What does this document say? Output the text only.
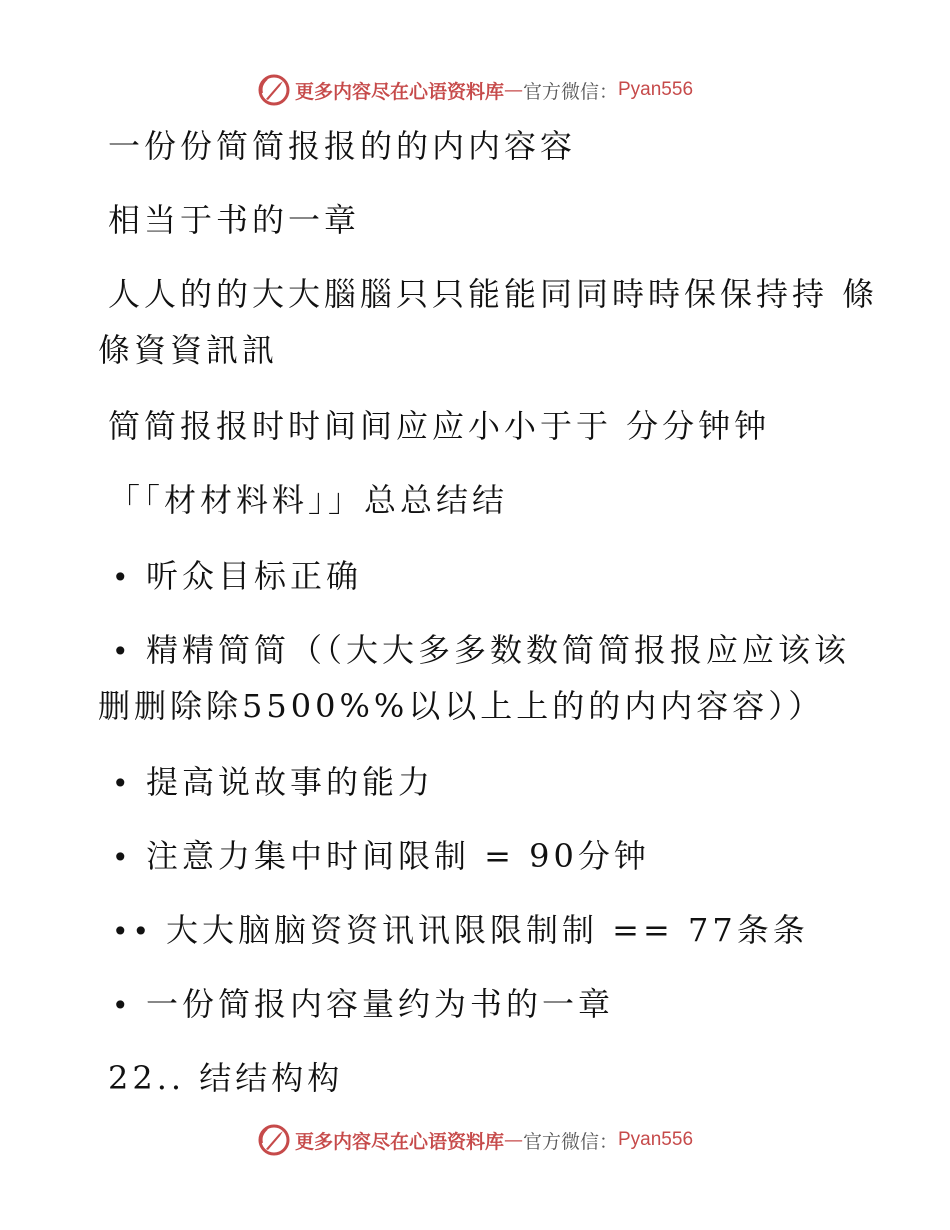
更多内容尽在心语资料库 — 官方微信： Pyan556
一份份简简报报的的内内容容
相当于书的一章
人人的的大大腦腦只只能能同同時時保保持持 條
條資資訊訊
简简报报时时间间应应小小于于 分分钟钟
「「材材料料」」总总结结
• 听众目标正确
• 精精简简（（大大多多数数简简报报应应该该
删删除除5500%%以以上上的的内内容容））
• 提高说故事的能力
• 注意力集中时间限制 = 90分钟
•• 大大脑脑资资讯讯限限制制 == 77条条
• 一份简报内容量约为书的一章
22.. 结结构构
更多内容尽在心语资料库 — 官方微信： Pyan556
